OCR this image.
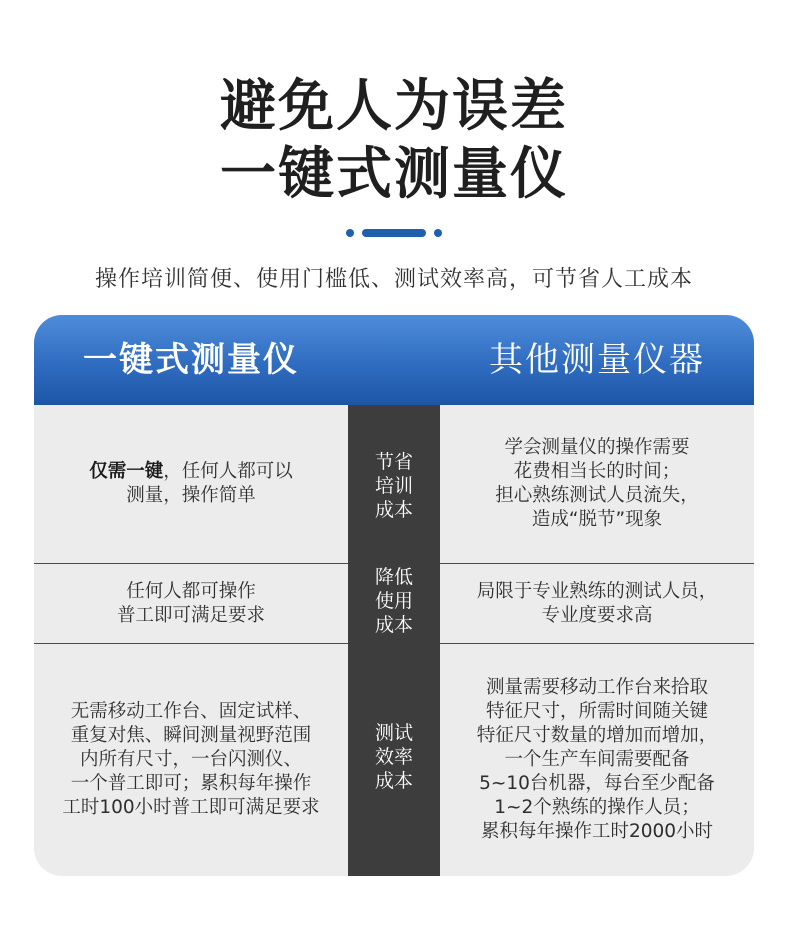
避免人为误差
一键式测量仪
操作培训简便、使用门槛低、测试效率高，可节省人工成本
一键式测量仪	其他测量仪器
节省
培训
成本
降低
使用
成本
测试
效率
成本
仅需一键，任何人都可以
测量，操作简单
学会测量仪的操作需要
花费相当长的时间；
担心熟练测试人员流失，
造成“脱节”现象
任何人都可操作
普工即可满足要求
局限于专业熟练的测试人员，
专业度要求高
无需移动工作台、固定试样、
重复对焦、瞬间测量视野范围
内所有尺寸，一台闪测仪、
一个普工即可；累积每年操作
工时100小时普工即可满足要求
测量需要移动工作台来拾取
特征尺寸，所需时间随关键
特征尺寸数量的增加而增加，
一个生产车间需要配备
5~10台机器，每台至少配备
1~2个熟练的操作人员；
累积每年操作工时2000小时
